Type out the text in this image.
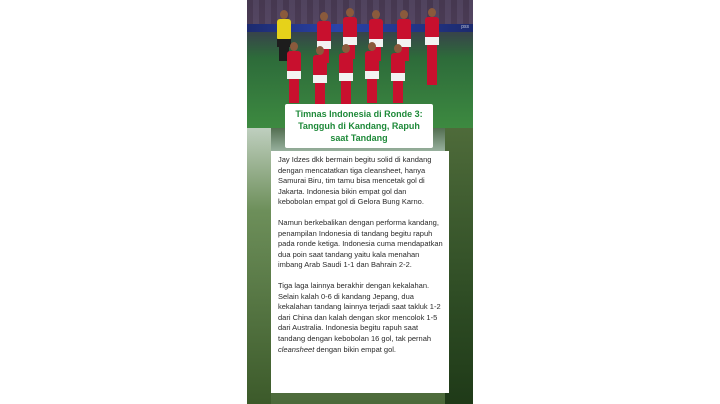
pss
Timnas Indonesia di Ronde 3:
Tangguh di Kandang, Rapuh
saat Tandang

Jay Idzes dkk bermain begitu solid di kandang dengan mencatatkan tiga cleansheet, hanya Samurai Biru, tim tamu bisa mencetak gol di Jakarta. Indonesia bikin empat gol dan kebobolan empat gol di Gelora Bung Karno.

Namun berkebalikan dengan performa kandang, penampilan Indonesia di tandang begitu rapuh pada ronde ketiga. Indonesia cuma mendapatkan dua poin saat tandang yaitu kala menahan imbang Arab Saudi 1-1 dan Bahrain 2-2.

Tiga laga lainnya berakhir dengan kekalahan. Selain kalah 0-6 di kandang Jepang, dua kekalahan tandang lainnya terjadi saat takluk 1-2 dari China dan kalah dengan skor mencolok 1-5 dari Australia. Indonesia begitu rapuh saat tandang dengan kebobolan 16 gol, tak pernah cleansheet dengan bikin empat gol.
